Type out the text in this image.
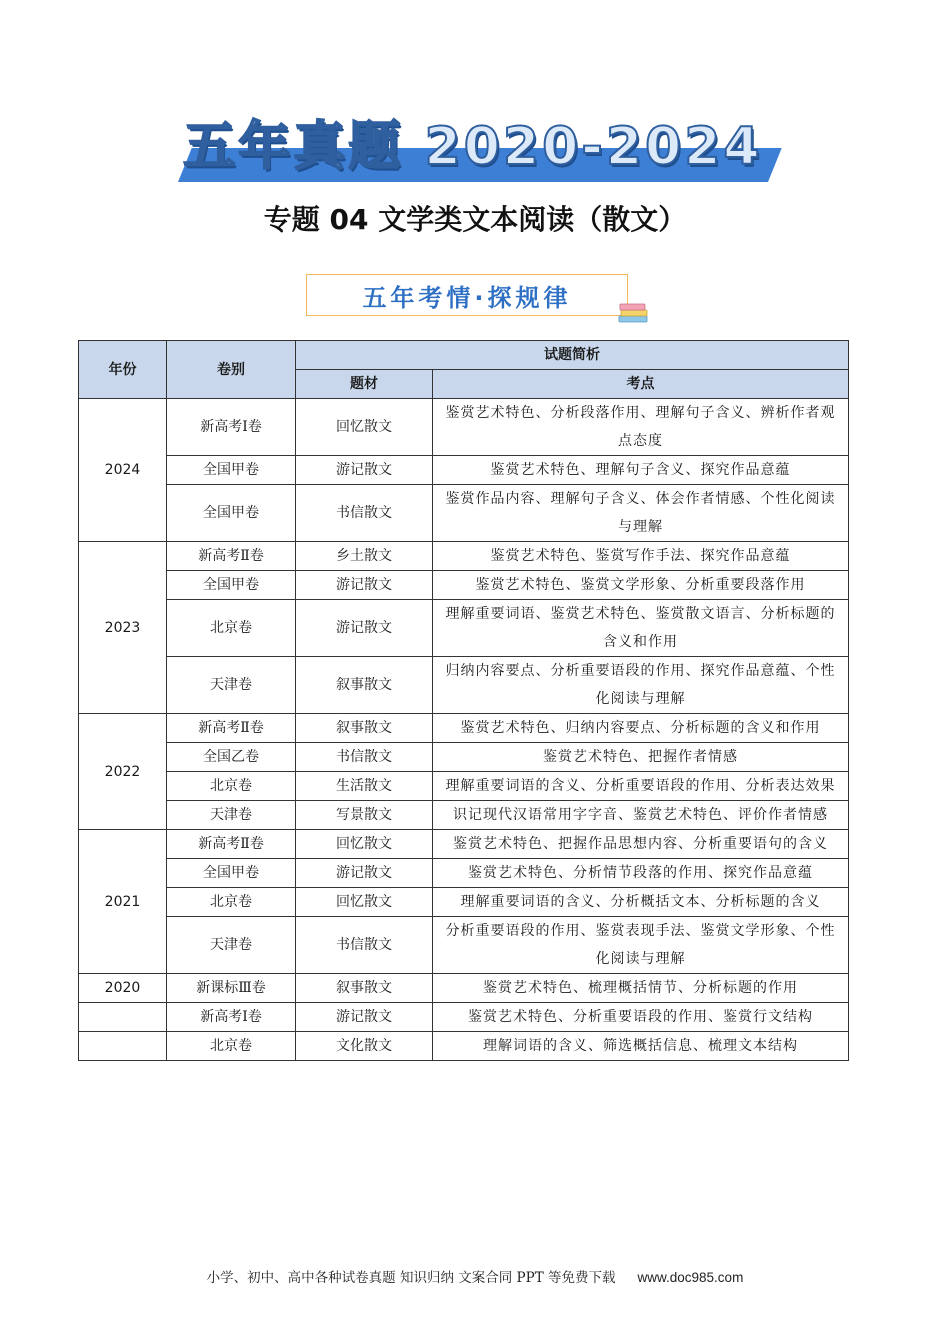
五年真题 2020-2024
专题 04 文学类文本阅读（散文）
五年考情·探规律
年份	卷别	试题简析	
		题材	考点
2024	新高考Ⅰ卷	回忆散文	鉴赏艺术特色、分析段落作用、理解句子含义、辨析作者观点态度
	全国甲卷	游记散文	鉴赏艺术特色、理解句子含义、探究作品意蕴
	全国甲卷	书信散文	鉴赏作品内容、理解句子含义、体会作者情感、个性化阅读与理解
2023	新高考Ⅱ卷	乡土散文	鉴赏艺术特色、鉴赏写作手法、探究作品意蕴
	全国甲卷	游记散文	鉴赏艺术特色、鉴赏文学形象、分析重要段落作用
	北京卷	游记散文	理解重要词语、鉴赏艺术特色、鉴赏散文语言、分析标题的含义和作用
	天津卷	叙事散文	归纳内容要点、分析重要语段的作用、探究作品意蕴、个性化阅读与理解
2022	新高考Ⅱ卷	叙事散文	鉴赏艺术特色、归纳内容要点、分析标题的含义和作用
	全国乙卷	书信散文	鉴赏艺术特色、把握作者情感
	北京卷	生活散文	理解重要词语的含义、分析重要语段的作用、分析表达效果
	天津卷	写景散文	识记现代汉语常用字字音、鉴赏艺术特色、评价作者情感
2021	新高考Ⅱ卷	回忆散文	鉴赏艺术特色、把握作品思想内容、分析重要语句的含义
	全国甲卷	游记散文	鉴赏艺术特色、分析情节段落的作用、探究作品意蕴
	北京卷	回忆散文	理解重要词语的含义、分析概括文本、分析标题的含义
	天津卷	书信散文	分析重要语段的作用、鉴赏表现手法、鉴赏文学形象、个性化阅读与理解
2020	新课标Ⅲ卷	叙事散文	鉴赏艺术特色、梳理概括情节、分析标题的作用
	新高考Ⅰ卷	游记散文	鉴赏艺术特色、分析重要语段的作用、鉴赏行文结构
	北京卷	文化散文	理解词语的含义、筛选概括信息、梳理文本结构
小学、初中、高中各种试卷真题 知识归纳 文案合同 PPT 等免费下载 www.doc985.com
